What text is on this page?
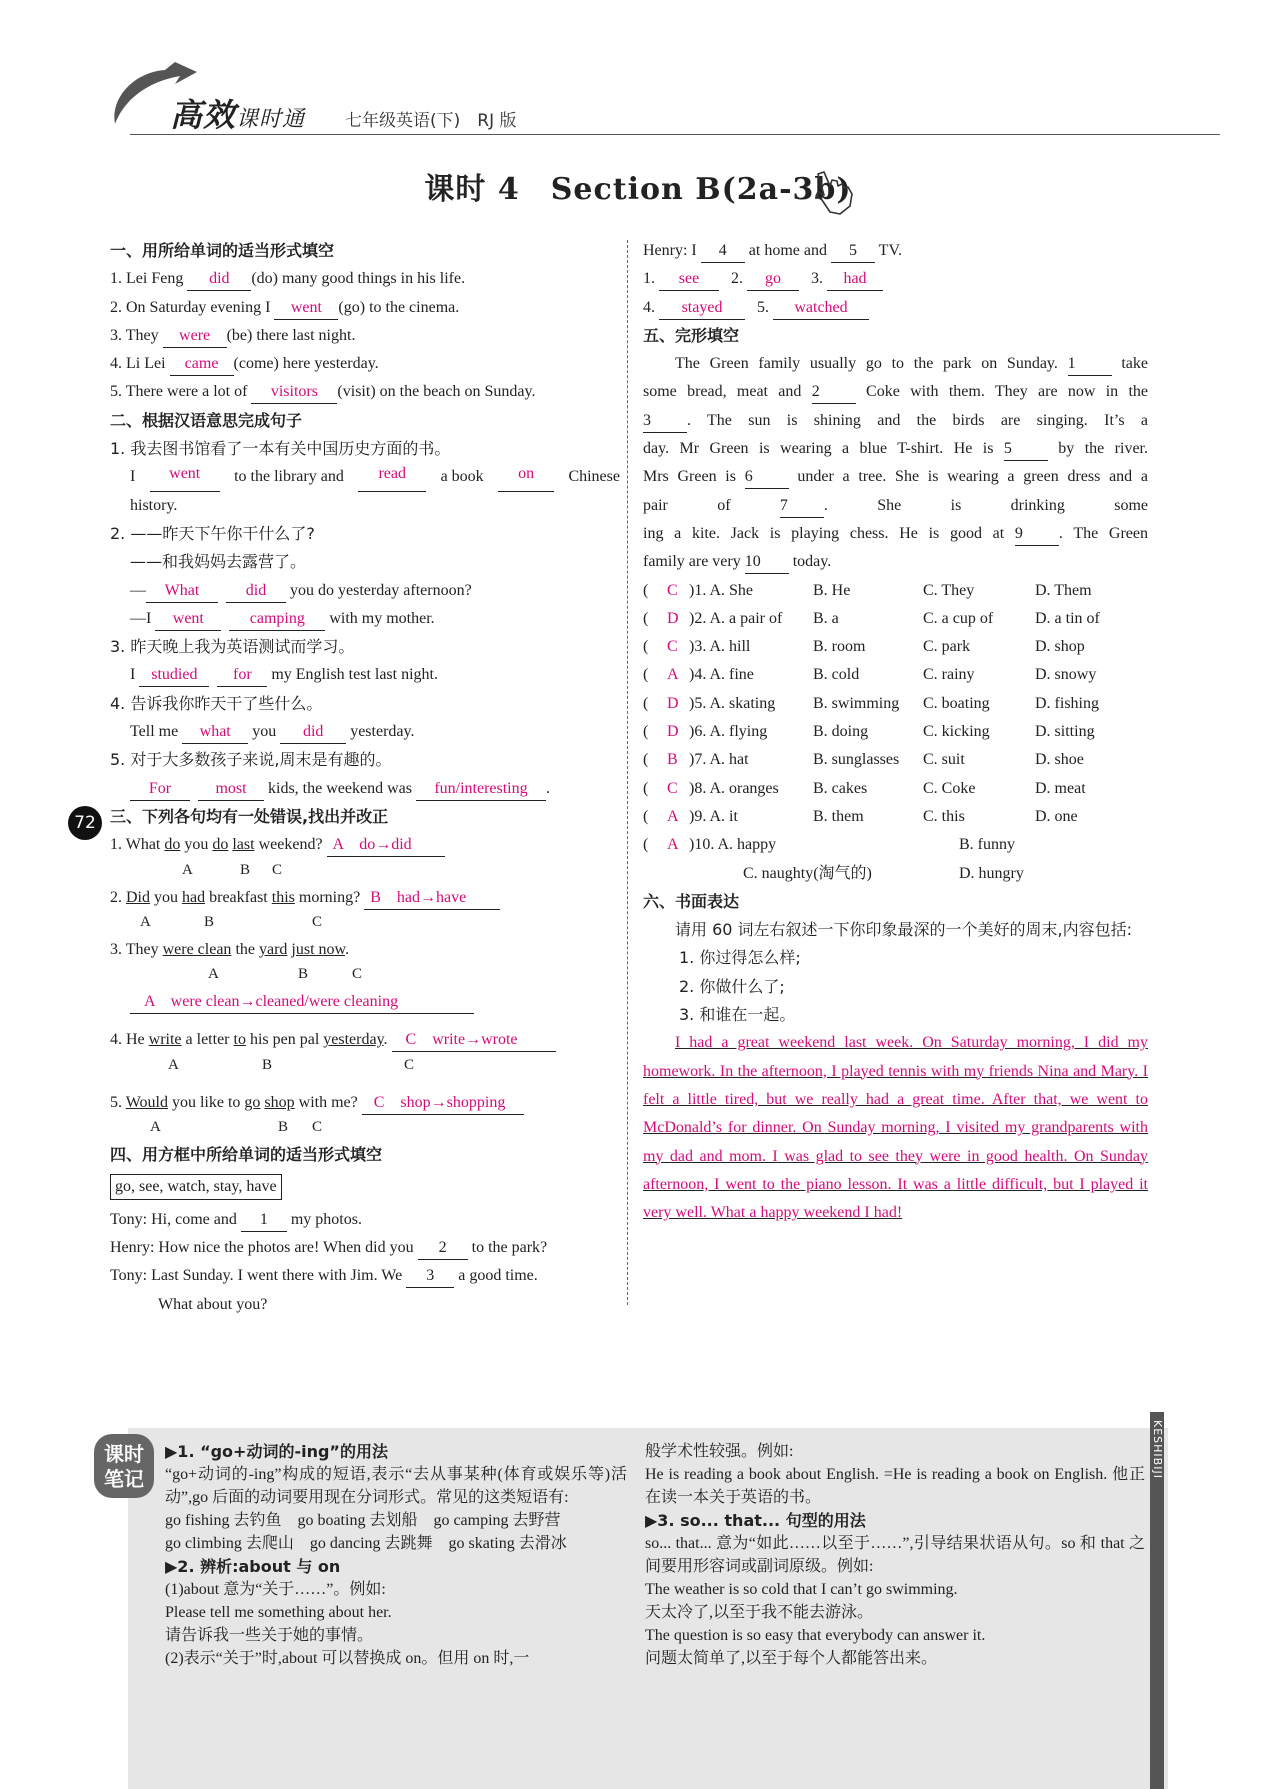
高效课时通 七年级英语(下)　RJ 版
课时 4　Section B(2a-3b)
72
一、用所给单词的适当形式填空
1. Lei Feng did (do) many good things in his life.
2. On Saturday evening I went (go) to the cinema.
3. They were (be) there last night.
4. Li Lei came (come) here yesterday.
5. There were a lot of visitors (visit) on the beach on Sunday.
二、根据汉语意思完成句子
1. 我去图书馆看了一本有关中国历史方面的书。
I	went	to the library and	read	a book	on	Chinese
history.
2. ——昨天下午你干什么了?
——和我妈妈去露营了。
— What	did you do yesterday afternoon?
—I went	camping with my mother.
3. 昨天晚上我为英语测试而学习。
I studied for my English test last night.
4. 告诉我你昨天干了些什么。
Tell me what you did yesterday.
5. 对于大多数孩子来说,周末是有趣的。
For	most kids, the weekend was fun/interesting .
三、下列各句均有一处错误,找出并改正
1. What do you do last weekend? A　do→did
A	B C
2. Did you had breakfast this morning? B　had→have
A	B	C
3. They were clean the yard just now.
A	B	C
A　were clean→cleaned/were cleaning
4. He write a letter to his pen pal yesterday. C　write→wrote
A	B	C
5. Would you like to go shop with me? C　shop→shopping
A	B C
四、用方框中所给单词的适当形式填空
go, see, watch, stay, have
Tony: Hi, come and 1 my photos.
Henry: How nice the photos are! When did you 2 to the park?
Tony: Last Sunday. I went there with Jim. We 3 a good time.
What about you?
Henry: I 4 at home and 5 TV.
1. see 2. go 3. had
4. stayed 5. watched
五、完形填空
The Green family usually go to the park on Sunday. 1 take
some bread, meat and 2 Coke with them. They are now in the
3 . The sun is shining and the birds are singing. It’s a
day. Mr Green is wearing a blue T-shirt. He is 5 by the river.
Mrs Green is 6 under a tree. She is wearing a green dress and a
pair of 7 . She is drinking some
ing a kite. Jack is playing chess. He is good at 9 . The Green
family are very 10 today.
(	C )1. A. She	B. He	C. They	D. Them
(	D )2. A. a pair of	B. a	C. a cup of	D. a tin of
(	C )3. A. hill	B. room	C. park	D. shop
(	A )4. A. fine	B. cold	C. rainy	D. snowy
(	D )5. A. skating	B. swimming	C. boating	D. fishing
(	D )6. A. flying	B. doing	C. kicking	D. sitting
(	B )7. A. hat	B. sunglasses	C. suit	D. shoe
(	C )8. A. oranges	B. cakes	C. Coke	D. meat
(	A )9. A. it	B. them	C. this	D. one
(	A )10. A. happy	B. funny
C. naughty(淘气的)	D. hungry
六、书面表达
请用 60 词左右叙述一下你印象最深的一个美好的周末,内容包括:
1. 你过得怎么样;
2. 你做什么了;
3. 和谁在一起。
I had a great weekend last week. On Saturday morning, I did my homework. In the afternoon, I played tennis with my friends Nina and Mary. I felt a little tired, but we really had a great time. After that, we went to McDonald’s for dinner. On Sunday morning, I visited my grandparents with my dad and mom. I was glad to see they were in good health. On Sunday afternoon, I went to the piano lesson. It was a little difficult, but I played it very well. What a happy weekend I had!
KESHIBIJI
课时
笔记
▶1. “go+动词的-ing”的用法
“go+动词的-ing”构成的短语,表示“去从事某种(体育或娱乐等)活动”,go 后面的动词要用现在分词形式。常见的这类短语有:
go fishing 去钓鱼　go boating 去划船　go camping 去野营
go climbing 去爬山　go dancing 去跳舞　go skating 去滑冰
▶2. 辨析:about 与 on
(1)about 意为“关于……”。例如:
Please tell me something about her.
请告诉我一些关于她的事情。
(2)表示“关于”时,about 可以替换成 on。但用 on 时,一
般学术性较强。例如:
He is reading a book about English. =He is reading a book on English. 他正在读一本关于英语的书。
▶3. so... that... 句型的用法
so... that... 意为“如此……以至于……”,引导结果状语从句。so 和 that 之间要用形容词或副词原级。例如:
The weather is so cold that I can’t go swimming.
天太冷了,以至于我不能去游泳。
The question is so easy that everybody can answer it.
问题太简单了,以至于每个人都能答出来。
